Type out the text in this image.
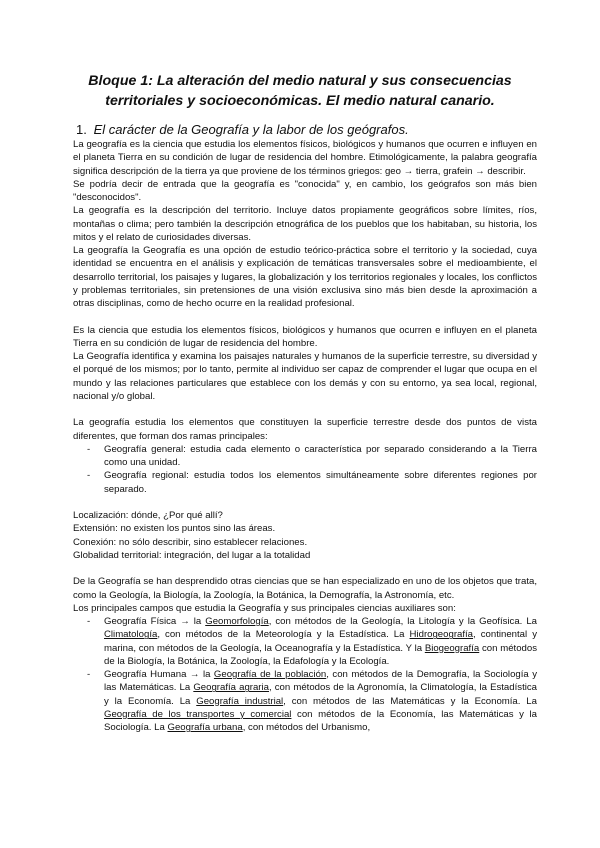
Bloque 1: La alteración del medio natural y sus consecuencias territoriales y socioeconómicas. El medio natural canario.
1. El carácter de la Geografía y la labor de los geógrafos.

La geografía es la ciencia que estudia los elementos físicos, biológicos y humanos que ocurren e influyen en el planeta Tierra en su condición de lugar de residencia del hombre. Etimológicamente, la palabra geografía significa descripción de la tierra ya que proviene de los términos griegos: geo → tierra, grafein → describir.

Se podría decir de entrada que la geografía es "conocida" y, en cambio, los geógrafos son más bien "desconocidos".

La geografía es la descripción del territorio. Incluye datos propiamente geográficos sobre límites, ríos, montañas o clima; pero también la descripción etnográfica de los pueblos que los habitaban, su historia, los mitos y el relato de curiosidades diversas.

La geografía la Geografía es una opción de estudio teórico-práctica sobre el territorio y la sociedad, cuya identidad se encuentra en el análisis y explicación de temáticas transversales sobre el medioambiente, el desarrollo territorial, los paisajes y lugares, la globalización y los territorios regionales y locales, los conflictos y problemas territoriales, sin pretensiones de una visión exclusiva sino más bien desde la aproximación a otras disciplinas, como de hecho ocurre en la realidad profesional.

Es la ciencia que estudia los elementos físicos, biológicos y humanos que ocurren e influyen en el planeta Tierra en su condición de lugar de residencia del hombre.

La Geografía identifica y examina los paisajes naturales y humanos de la superficie terrestre, su diversidad y el porqué de los mismos; por lo tanto, permite al individuo ser capaz de comprender el lugar que ocupa en el mundo y las relaciones particulares que establece con los demás y con su entorno, ya sea local, regional, nacional y/o global.

La geografía estudia los elementos que constituyen la superficie terrestre desde dos puntos de vista diferentes, que forman dos ramas principales:

- Geografía general: estudia cada elemento o característica por separado considerando a la Tierra como una unidad.
- Geografía regional: estudia todos los elementos simultáneamente sobre diferentes regiones por separado.

Localización: dónde, ¿Por qué allí?

Extensión: no existen los puntos sino las áreas.

Conexión: no sólo describir, sino establecer relaciones.

Globalidad territorial: integración, del lugar a la totalidad

De la Geografía se han desprendido otras ciencias que se han especializado en uno de los objetos que trata, como la Geología, la Biología, la Zoología, la Botánica, la Demografía, la Astronomía, etc.

Los principales campos que estudia la Geografía y sus principales ciencias auxiliares son:

- Geografía Física → la Geomorfología, con métodos de la Geología, la Litología y la Geofísica. La Climatología, con métodos de la Meteorología y la Estadística. La Hidrogeografía, continental y marina, con métodos de la Geología, la Oceanografía y la Estadística. Y la Biogeografía con métodos de la Biología, la Botánica, la Zoología, la Edafología y la Ecología.
- Geografía Humana → la Geografía de la población, con métodos de la Demografía, la Sociología y las Matemáticas. La Geografía agraria, con métodos de la Agronomía, la Climatología, la Estadística y la Economía. La Geografía industrial, con métodos de las Matemáticas y la Economía. La Geografía de los transportes y comercial con métodos de la Economía, las Matemáticas y la Sociología. La Geografía urbana, con métodos del Urbanismo,
